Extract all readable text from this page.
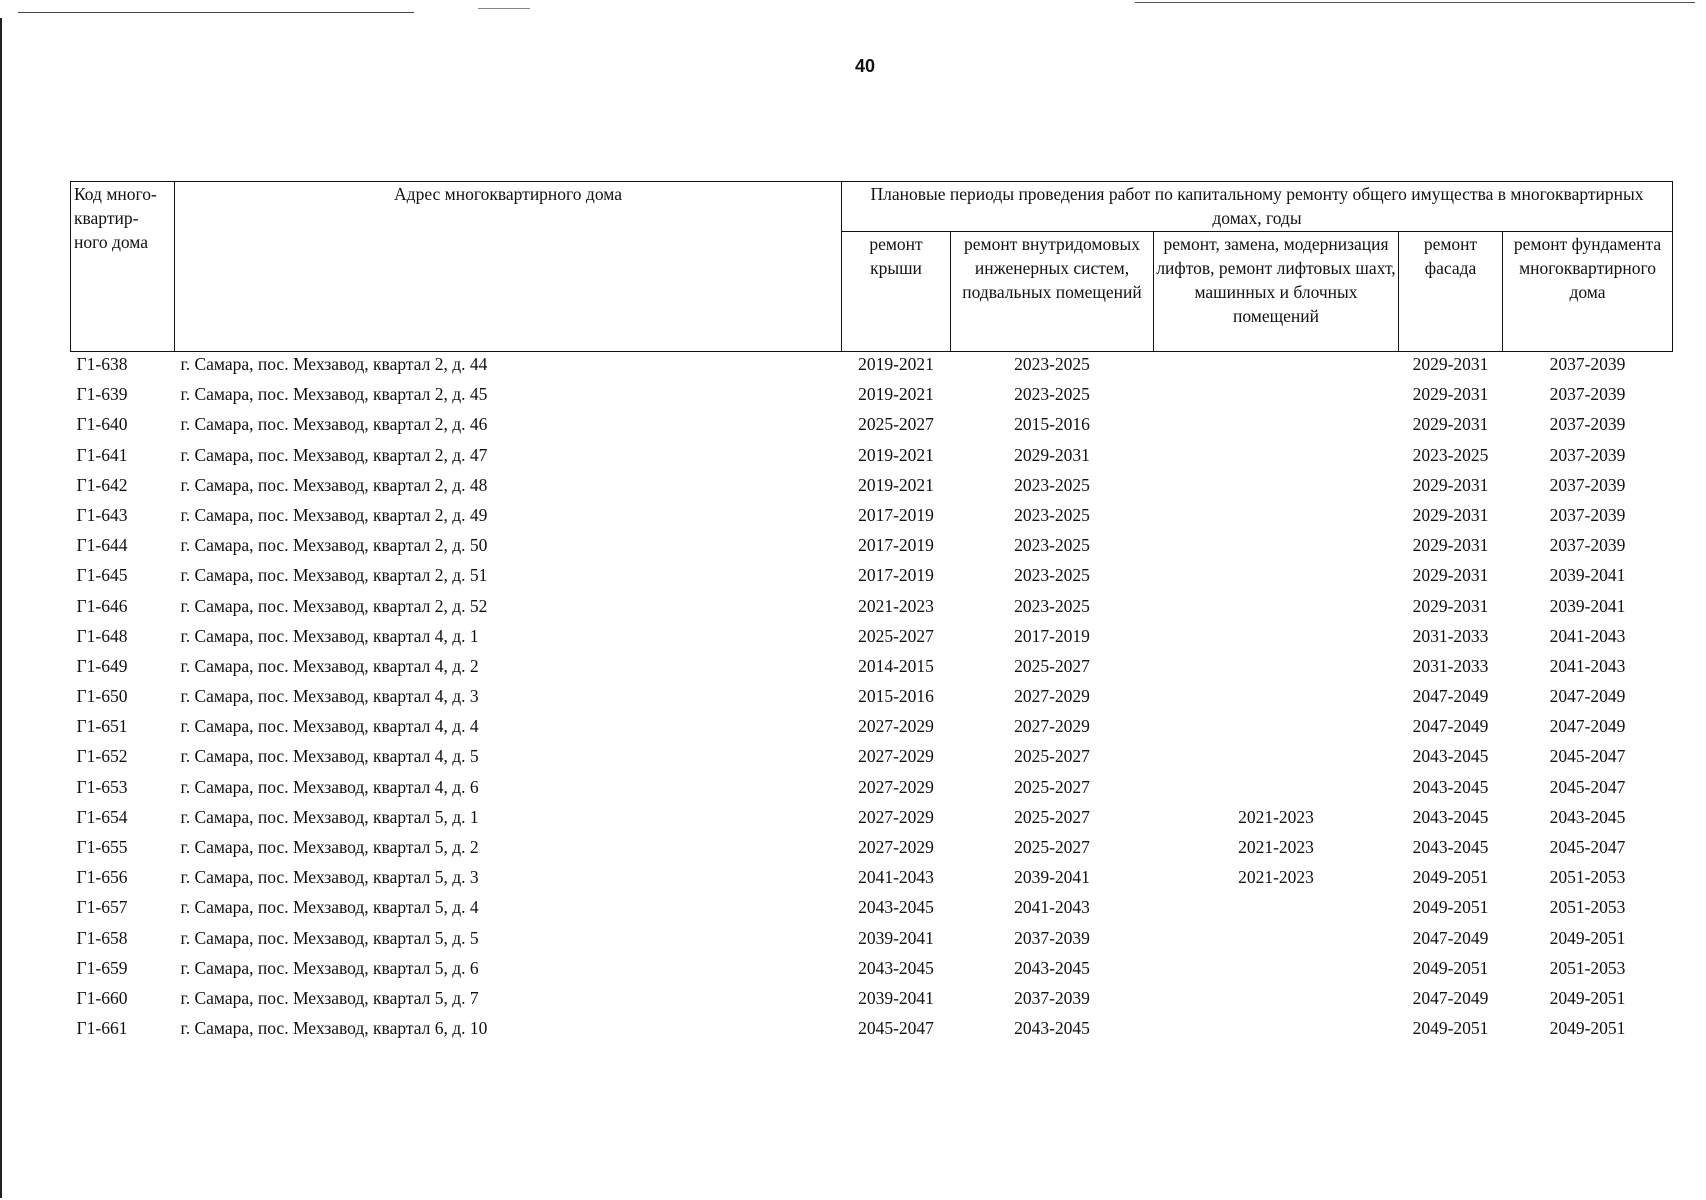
40
Код много- квартир- ного дома	Адрес многоквартирного дома	Плановые периоды проведения работ по капитальному ремонту общего имущества в многоквартирных домах, годы				
		ремонт крыши	ремонт внутридомовых инженерных систем, подвальных помещений	ремонт, замена, модернизация лифтов, ремонт лифтовых шахт, машинных и блочных помещений	ремонт фасада	ремонт фундамента многоквартирного дома
Г1-638	г. Самара, пос. Мехзавод, квартал 2, д. 44	2019-2021	2023-2025		2029-2031	2037-2039
Г1-639	г. Самара, пос. Мехзавод, квартал 2, д. 45	2019-2021	2023-2025		2029-2031	2037-2039
Г1-640	г. Самара, пос. Мехзавод, квартал 2, д. 46	2025-2027	2015-2016		2029-2031	2037-2039
Г1-641	г. Самара, пос. Мехзавод, квартал 2, д. 47	2019-2021	2029-2031		2023-2025	2037-2039
Г1-642	г. Самара, пос. Мехзавод, квартал 2, д. 48	2019-2021	2023-2025		2029-2031	2037-2039
Г1-643	г. Самара, пос. Мехзавод, квартал 2, д. 49	2017-2019	2023-2025		2029-2031	2037-2039
Г1-644	г. Самара, пос. Мехзавод, квартал 2, д. 50	2017-2019	2023-2025		2029-2031	2037-2039
Г1-645	г. Самара, пос. Мехзавод, квартал 2, д. 51	2017-2019	2023-2025		2029-2031	2039-2041
Г1-646	г. Самара, пос. Мехзавод, квартал 2, д. 52	2021-2023	2023-2025		2029-2031	2039-2041
Г1-648	г. Самара, пос. Мехзавод, квартал 4, д. 1	2025-2027	2017-2019		2031-2033	2041-2043
Г1-649	г. Самара, пос. Мехзавод, квартал 4, д. 2	2014-2015	2025-2027		2031-2033	2041-2043
Г1-650	г. Самара, пос. Мехзавод, квартал 4, д. 3	2015-2016	2027-2029		2047-2049	2047-2049
Г1-651	г. Самара, пос. Мехзавод, квартал 4, д. 4	2027-2029	2027-2029		2047-2049	2047-2049
Г1-652	г. Самара, пос. Мехзавод, квартал 4, д. 5	2027-2029	2025-2027		2043-2045	2045-2047
Г1-653	г. Самара, пос. Мехзавод, квартал 4, д. 6	2027-2029	2025-2027		2043-2045	2045-2047
Г1-654	г. Самара, пос. Мехзавод, квартал 5, д. 1	2027-2029	2025-2027	2021-2023	2043-2045	2043-2045
Г1-655	г. Самара, пос. Мехзавод, квартал 5, д. 2	2027-2029	2025-2027	2021-2023	2043-2045	2045-2047
Г1-656	г. Самара, пос. Мехзавод, квартал 5, д. 3	2041-2043	2039-2041	2021-2023	2049-2051	2051-2053
Г1-657	г. Самара, пос. Мехзавод, квартал 5, д. 4	2043-2045	2041-2043		2049-2051	2051-2053
Г1-658	г. Самара, пос. Мехзавод, квартал 5, д. 5	2039-2041	2037-2039		2047-2049	2049-2051
Г1-659	г. Самара, пос. Мехзавод, квартал 5, д. 6	2043-2045	2043-2045		2049-2051	2051-2053
Г1-660	г. Самара, пос. Мехзавод, квартал 5, д. 7	2039-2041	2037-2039		2047-2049	2049-2051
Г1-661	г. Самара, пос. Мехзавод, квартал 6, д. 10	2045-2047	2043-2045		2049-2051	2049-2051
